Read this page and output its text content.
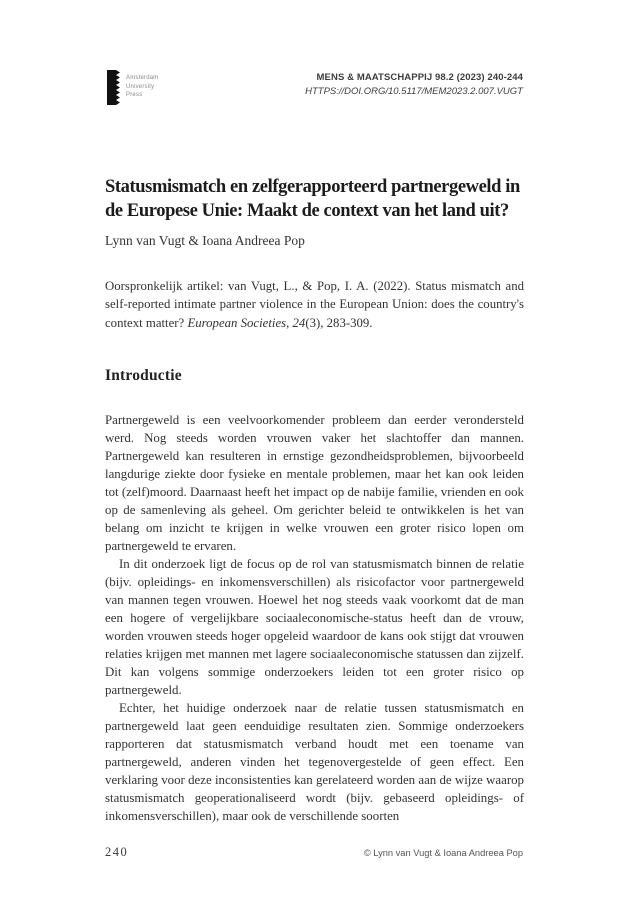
Amsterdam
University
Press
MENS & MAATSCHAPPIJ 98.2 (2023) 240-244
HTTPS://DOI.ORG/10.5117/MEM2023.2.007.VUGT
Statusmismatch en zelfgerapporteerd partnergeweld in
de Europese Unie: Maakt de context van het land uit?
Lynn van Vugt & Ioana Andreea Pop

Oorspronkelijk artikel: van Vugt, L., & Pop, I. A. (2022). Status mismatch and self-reported intimate partner violence in the European Union: does the country's context matter? European Societies, 24(3), 283-309.

Introductie

Partnergeweld is een veelvoorkomender probleem dan eerder verondersteld werd. Nog steeds worden vrouwen vaker het slachtoffer dan mannen. Partnergeweld kan resulteren in ernstige gezondheidsproblemen, bijvoorbeeld langdurige ziekte door fysieke en mentale problemen, maar het kan ook leiden tot (zelf)moord. Daarnaast heeft het impact op de nabije familie, vrienden en ook op de samenleving als geheel. Om gerichter beleid te ontwikkelen is het van belang om inzicht te krijgen in welke vrouwen een groter risico lopen om partnergeweld te ervaren.

In dit onderzoek ligt de focus op de rol van statusmismatch binnen de relatie (bijv. opleidings- en inkomensverschillen) als risicofactor voor partnergeweld van mannen tegen vrouwen. Hoewel het nog steeds vaak voorkomt dat de man een hogere of vergelijkbare sociaaleconomische-status heeft dan de vrouw, worden vrouwen steeds hoger opgeleid waardoor de kans ook stijgt dat vrouwen relaties krijgen met mannen met lagere sociaaleconomische statussen dan zijzelf. Dit kan volgens sommige onderzoekers leiden tot een groter risico op partnergeweld.

Echter, het huidige onderzoek naar de relatie tussen statusmismatch en partnergeweld laat geen eenduidige resultaten zien. Sommige onderzoekers rapporteren dat statusmismatch verband houdt met een toename van partnergeweld, anderen vinden het tegenovergestelde of geen effect. Een verklaring voor deze inconsistenties kan gerelateerd worden aan de wijze waarop statusmismatch geoperationaliseerd wordt (bijv. gebaseerd opleidings- of inkomensverschillen), maar ook de verschillende soorten

240	© Lynn van Vugt & Ioana Andreea Pop
